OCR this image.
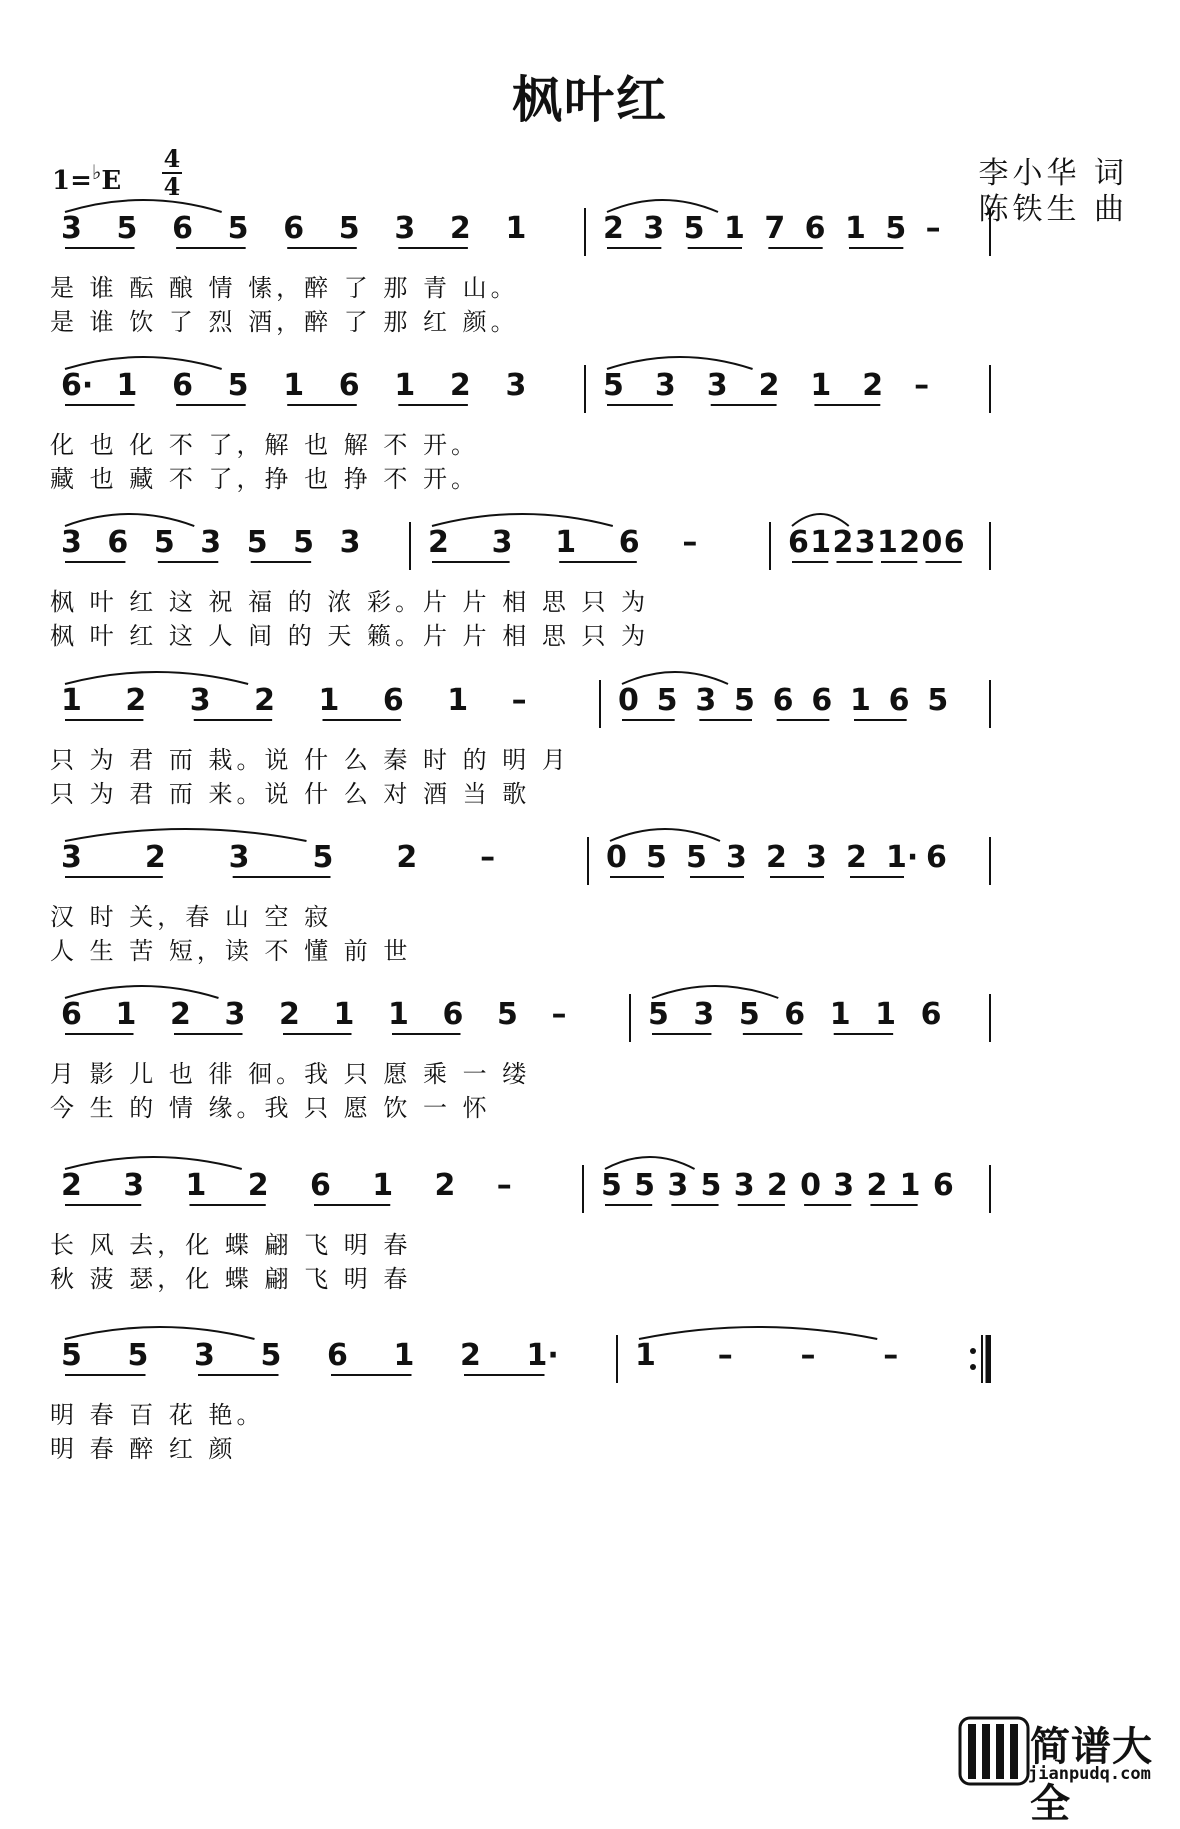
枫叶红
1=♭E
4
4	李小华 词
陈铁生 曲
3 5 6 5 6 5 3 2 1	2 3 5 1 7 6 1 5 –
是 谁 酝 酿 情 愫，醉 了 那 青 山。
是 谁 饮 了 烈 酒，醉 了 那 红 颜。
6· 1 6 5 1 6 1 2 3	5 3 3 2 1 2 –
化 也 化 不 了，解 也 解 不 开。
藏 也 藏 不 了，挣 也 挣 不 开。
3 6 5 3 5 5 3 2 3 1 6 –	6 1 2 3 1 2 0 6
枫 叶 红 这 祝 福 的 浓 彩。片 片 相 思 只 为
枫 叶 红 这 人 间 的 天 籁。片 片 相 思 只 为
1 2 3 2 1 6 1 –	0 5 3 5 6 6 1 6 5
只 为 君 而 栽。说 什 么 秦 时 的 明 月
只 为 君 而 来。说 什 么 对 酒 当 歌
3 2 3 5 2 –	0 5 5 3 2 3 2 1· 6
汉 时 关，春 山 空 寂
人 生 苦 短，读 不 懂 前 世
6 1 2 3 2 1 1 6 5 –	5 3 5 6 1 1 6
月 影 儿 也 徘 徊。我 只 愿 乘 一 缕
今 生 的 情 缘。我 只 愿 饮 一 怀
2 3 1 2 6 1 2 –	5 5 3 5 3 2 0 3 2 1 6
长 风 去，化 蝶 翩 飞 明 春
秋 菠 瑟，化 蝶 翩 飞 明 春
5 5 3 5 6 1 2 1·	1 – – –
明 春 百 花 艳。
明 春 醉 红 颜
简谱大全
jianpudq.com
